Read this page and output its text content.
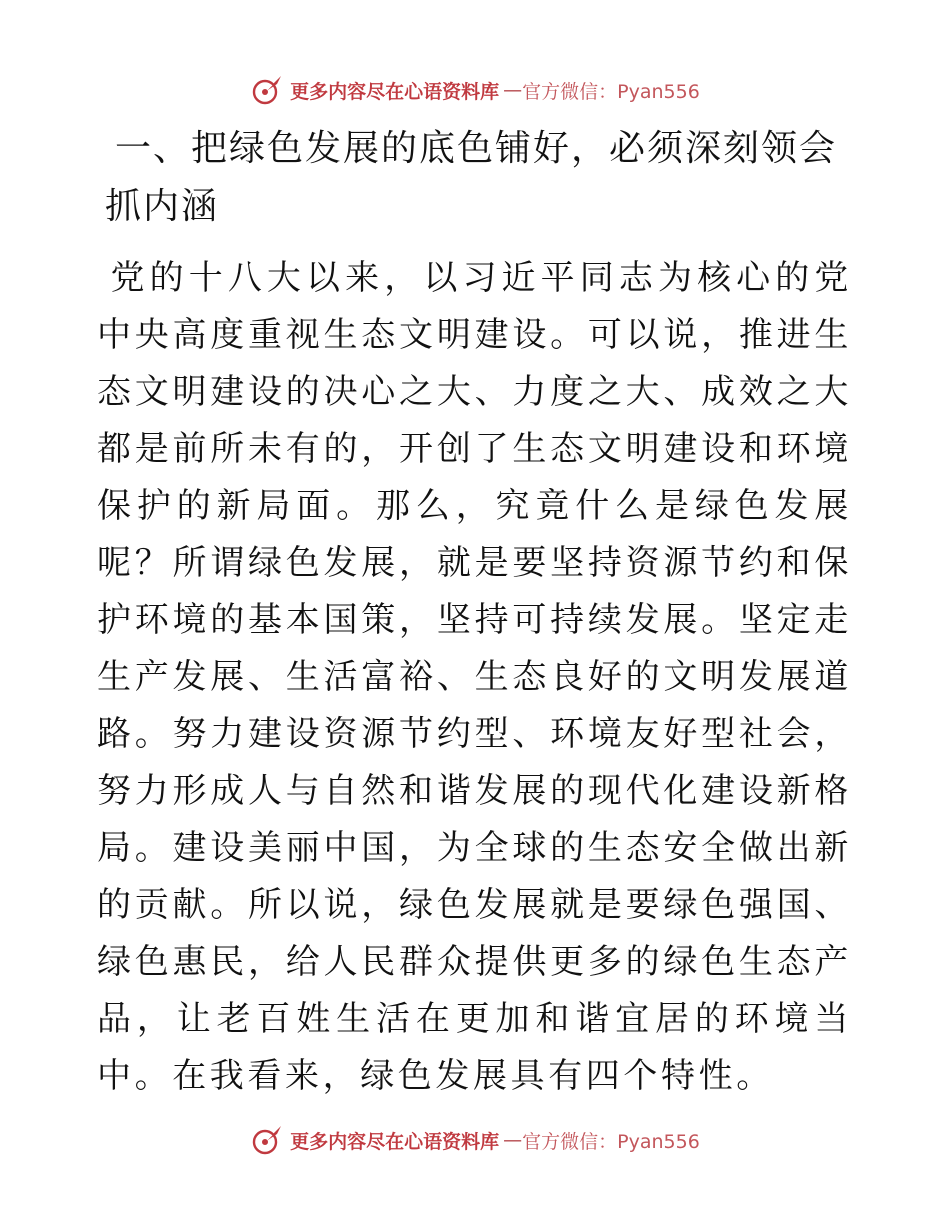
更多内容尽在心语资料库 — 官方微信：Pyan556
一、把绿色发展的底色铺好，必须深刻领会抓内涵
党的十八大以来，以习近平同志为核心的党中央高度重视生态文明建设。可以说，推进生态文明建设的决心之大、力度之大、成效之大都是前所未有的，开创了生态文明建设和环境保护的新局面。那么，究竟什么是绿色发展呢？所谓绿色发展，就是要坚持资源节约和保护环境的基本国策，坚持可持续发展。坚定走生产发展、生活富裕、生态良好的文明发展道路。努力建设资源节约型、环境友好型社会，努力形成人与自然和谐发展的现代化建设新格局。建设美丽中国，为全球的生态安全做出新的贡献。所以说，绿色发展就是要绿色强国、绿色惠民，给人民群众提供更多的绿色生态产品，让老百姓生活在更加和谐宜居的环境当中。在我看来，绿色发展具有四个特性。
更多内容尽在心语资料库 — 官方微信：Pyan556
